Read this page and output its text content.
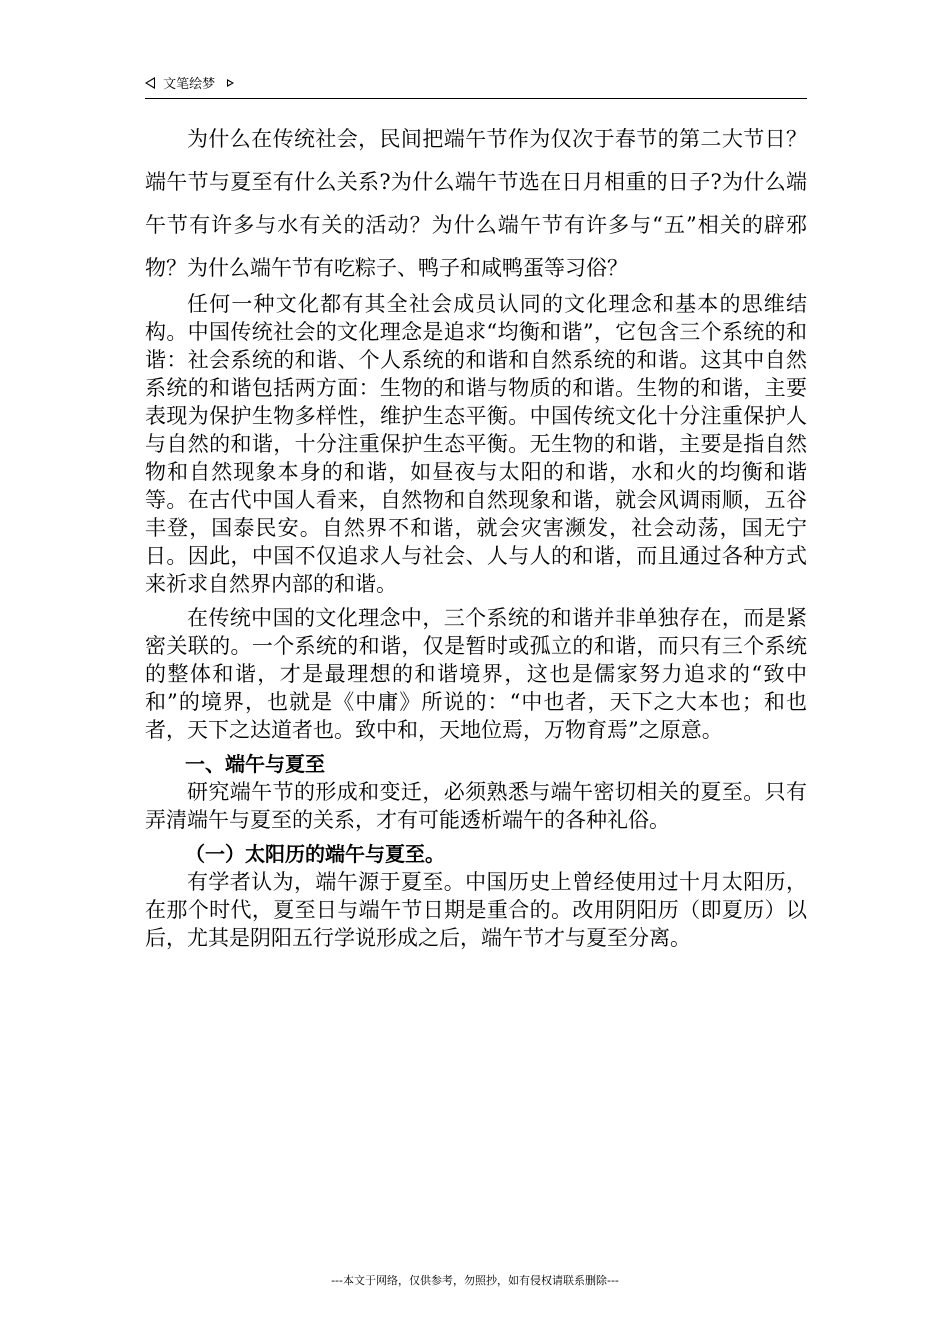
文笔绘梦

为什么在传统社会，民间把端午节作为仅次于春节的第二大节日？端午节与夏至有什么关系?为什么端午节选在日月相重的日子?为什么端午节有许多与水有关的活动？为什么端午节有许多与“五”相关的辟邪物？为什么端午节有吃粽子、鸭子和咸鸭蛋等习俗？

任何一种文化都有其全社会成员认同的文化理念和基本的思维结构。中国传统社会的文化理念是追求“均衡和谐”，它包含三个系统的和谐：社会系统的和谐、个人系统的和谐和自然系统的和谐。这其中自然系统的和谐包括两方面：生物的和谐与物质的和谐。生物的和谐，主要表现为保护生物多样性，维护生态平衡。中国传统文化十分注重保护人与自然的和谐，十分注重保护生态平衡。无生物的和谐，主要是指自然物和自然现象本身的和谐，如昼夜与太阳的和谐，水和火的均衡和谐等。在古代中国人看来，自然物和自然现象和谐，就会风调雨顺，五谷丰登，国泰民安。自然界不和谐，就会灾害濒发，社会动荡，国无宁日。因此，中国不仅追求人与社会、人与人的和谐，而且通过各种方式来祈求自然界内部的和谐。

在传统中国的文化理念中，三个系统的和谐并非单独存在，而是紧密关联的。一个系统的和谐，仅是暂时或孤立的和谐，而只有三个系统的整体和谐，才是最理想的和谐境界，这也是儒家努力追求的“致中和”的境界，也就是《中庸》所说的：“中也者，天下之大本也；和也者，天下之达道者也。致中和，天地位焉，万物育焉”之原意。

一、端午与夏至

研究端午节的形成和变迁，必须熟悉与端午密切相关的夏至。只有弄清端午与夏至的关系，才有可能透析端午的各种礼俗。

（一）太阳历的端午与夏至。

有学者认为，端午源于夏至。中国历史上曾经使用过十月太阳历，在那个时代，夏至日与端午节日期是重合的。改用阴阳历（即夏历）以后，尤其是阴阳五行学说形成之后，端午节才与夏至分离。

---本文于网络，仅供参考，勿照抄，如有侵权请联系删除---
